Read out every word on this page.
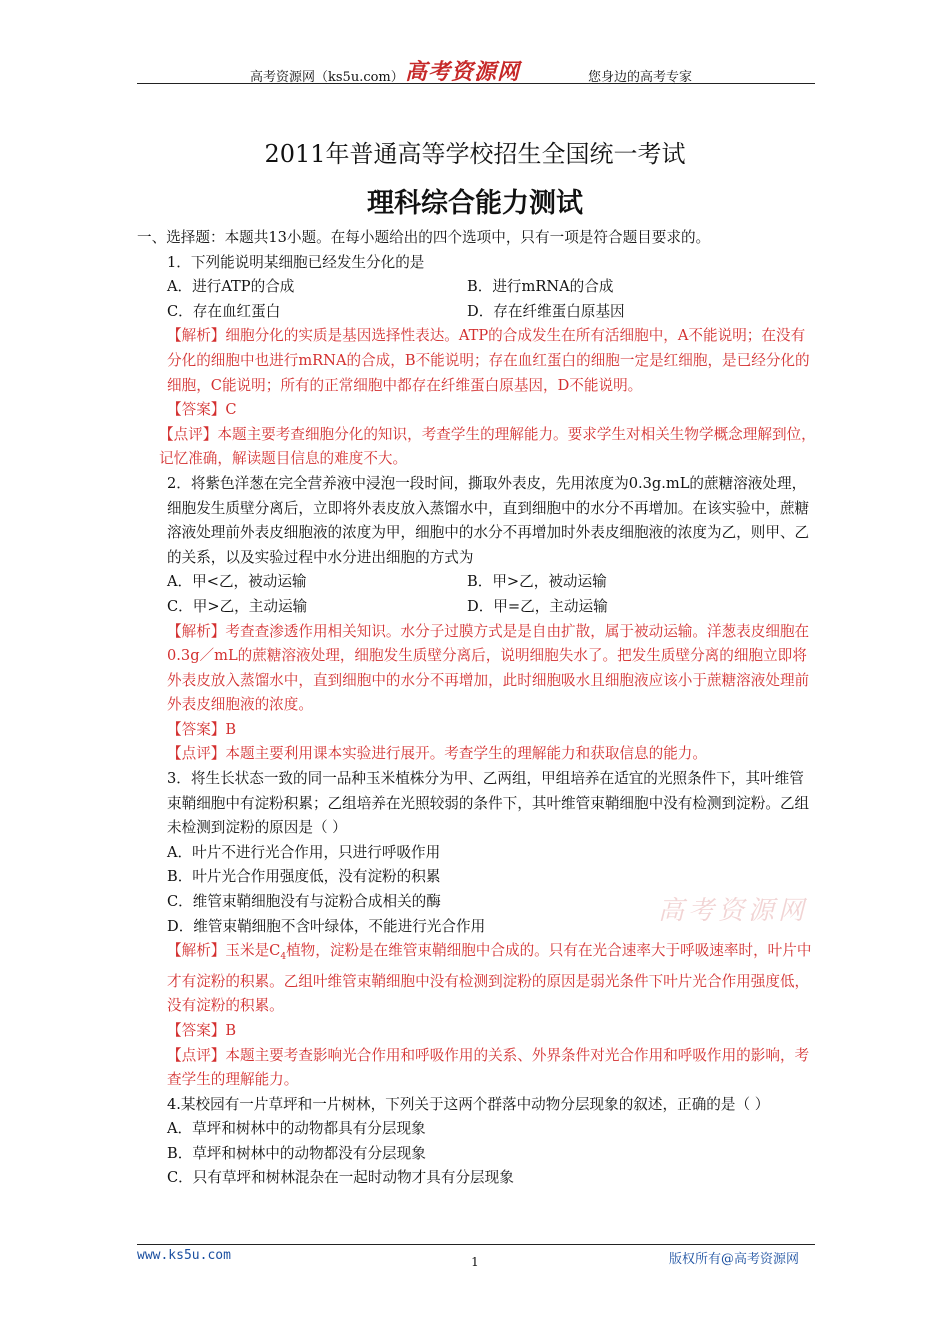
高考资源网（ks5u.com） 高考资源网	您身边的高考专家
2011年普通高等学校招生全国统一考试
理科综合能力测试

一、选择题：本题共13小题。在每小题给出的四个选项中，只有一项是符合题目要求的。

1．下列能说明某细胞已经发生分化的是

A．进行ATP的合成	B．进行mRNA的合成
C．存在血红蛋白	D．存在纤维蛋白原基因

【解析】细胞分化的实质是基因选择性表达。ATP的合成发生在所有活细胞中，A不能说明；在没有分化的细胞中也进行mRNA的合成，B不能说明；存在血红蛋白的细胞一定是红细胞，是已经分化的细胞，C能说明；所有的正常细胞中都存在纤维蛋白原基因，D不能说明。

【答案】C

【点评】本题主要考查细胞分化的知识，考查学生的理解能力。要求学生对相关生物学概念理解到位，记忆准确，解读题目信息的难度不大。

2．将紫色洋葱在完全营养液中浸泡一段时间，撕取外表皮，先用浓度为0.3g.mL的蔗糖溶液处理，细胞发生质壁分离后，立即将外表皮放入蒸馏水中，直到细胞中的水分不再增加。在该实验中，蔗糖溶液处理前外表皮细胞液的浓度为甲，细胞中的水分不再增加时外表皮细胞液的浓度为乙，则甲、乙的关系，以及实验过程中水分进出细胞的方式为

A．甲<乙，被动运输	B．甲>乙，被动运输
C．甲>乙，主动运输	D．甲=乙，主动运输

【解析】考查查渗透作用相关知识。水分子过膜方式是是自由扩散，属于被动运输。洋葱表皮细胞在0.3g／mL的蔗糖溶液处理，细胞发生质壁分离后，说明细胞失水了。把发生质壁分离的细胞立即将外表皮放入蒸馏水中，直到细胞中的水分不再增加，此时细胞吸水且细胞液应该小于蔗糖溶液处理前外表皮细胞液的浓度。

【答案】B

【点评】本题主要利用课本实验进行展开。考查学生的理解能力和获取信息的能力。

3．将生长状态一致的同一品种玉米植株分为甲、乙两组，甲组培养在适宜的光照条件下，其叶维管束鞘细胞中有淀粉积累；乙组培养在光照较弱的条件下，其叶维管束鞘细胞中没有检测到淀粉。乙组未检测到淀粉的原因是（ ）

A．叶片不进行光合作用，只进行呼吸作用

B．叶片光合作用强度低，没有淀粉的积累

C．维管束鞘细胞没有与淀粉合成相关的酶

D．维管束鞘细胞不含叶绿体，不能进行光合作用

【解析】玉米是$C_4$植物，淀粉是在维管束鞘细胞中合成的。只有在光合速率大于呼吸速率时，叶片中才有淀粉的积累。乙组叶维管束鞘细胞中没有检测到淀粉的原因是弱光条件下叶片光合作用强度低，没有淀粉的积累。

【答案】B

【点评】本题主要考查影响光合作用和呼吸作用的关系、外界条件对光合作用和呼吸作用的影响，考查学生的理解能力。

4.某校园有一片草坪和一片树林，下列关于这两个群落中动物分层现象的叙述，正确的是（ ）

A．草坪和树林中的动物都具有分层现象

B．草坪和树林中的动物都没有分层现象

C．只有草坪和树林混杂在一起时动物才具有分层现象

高考资源网
www.ks5u.com	版权所有@高考资源网
1
